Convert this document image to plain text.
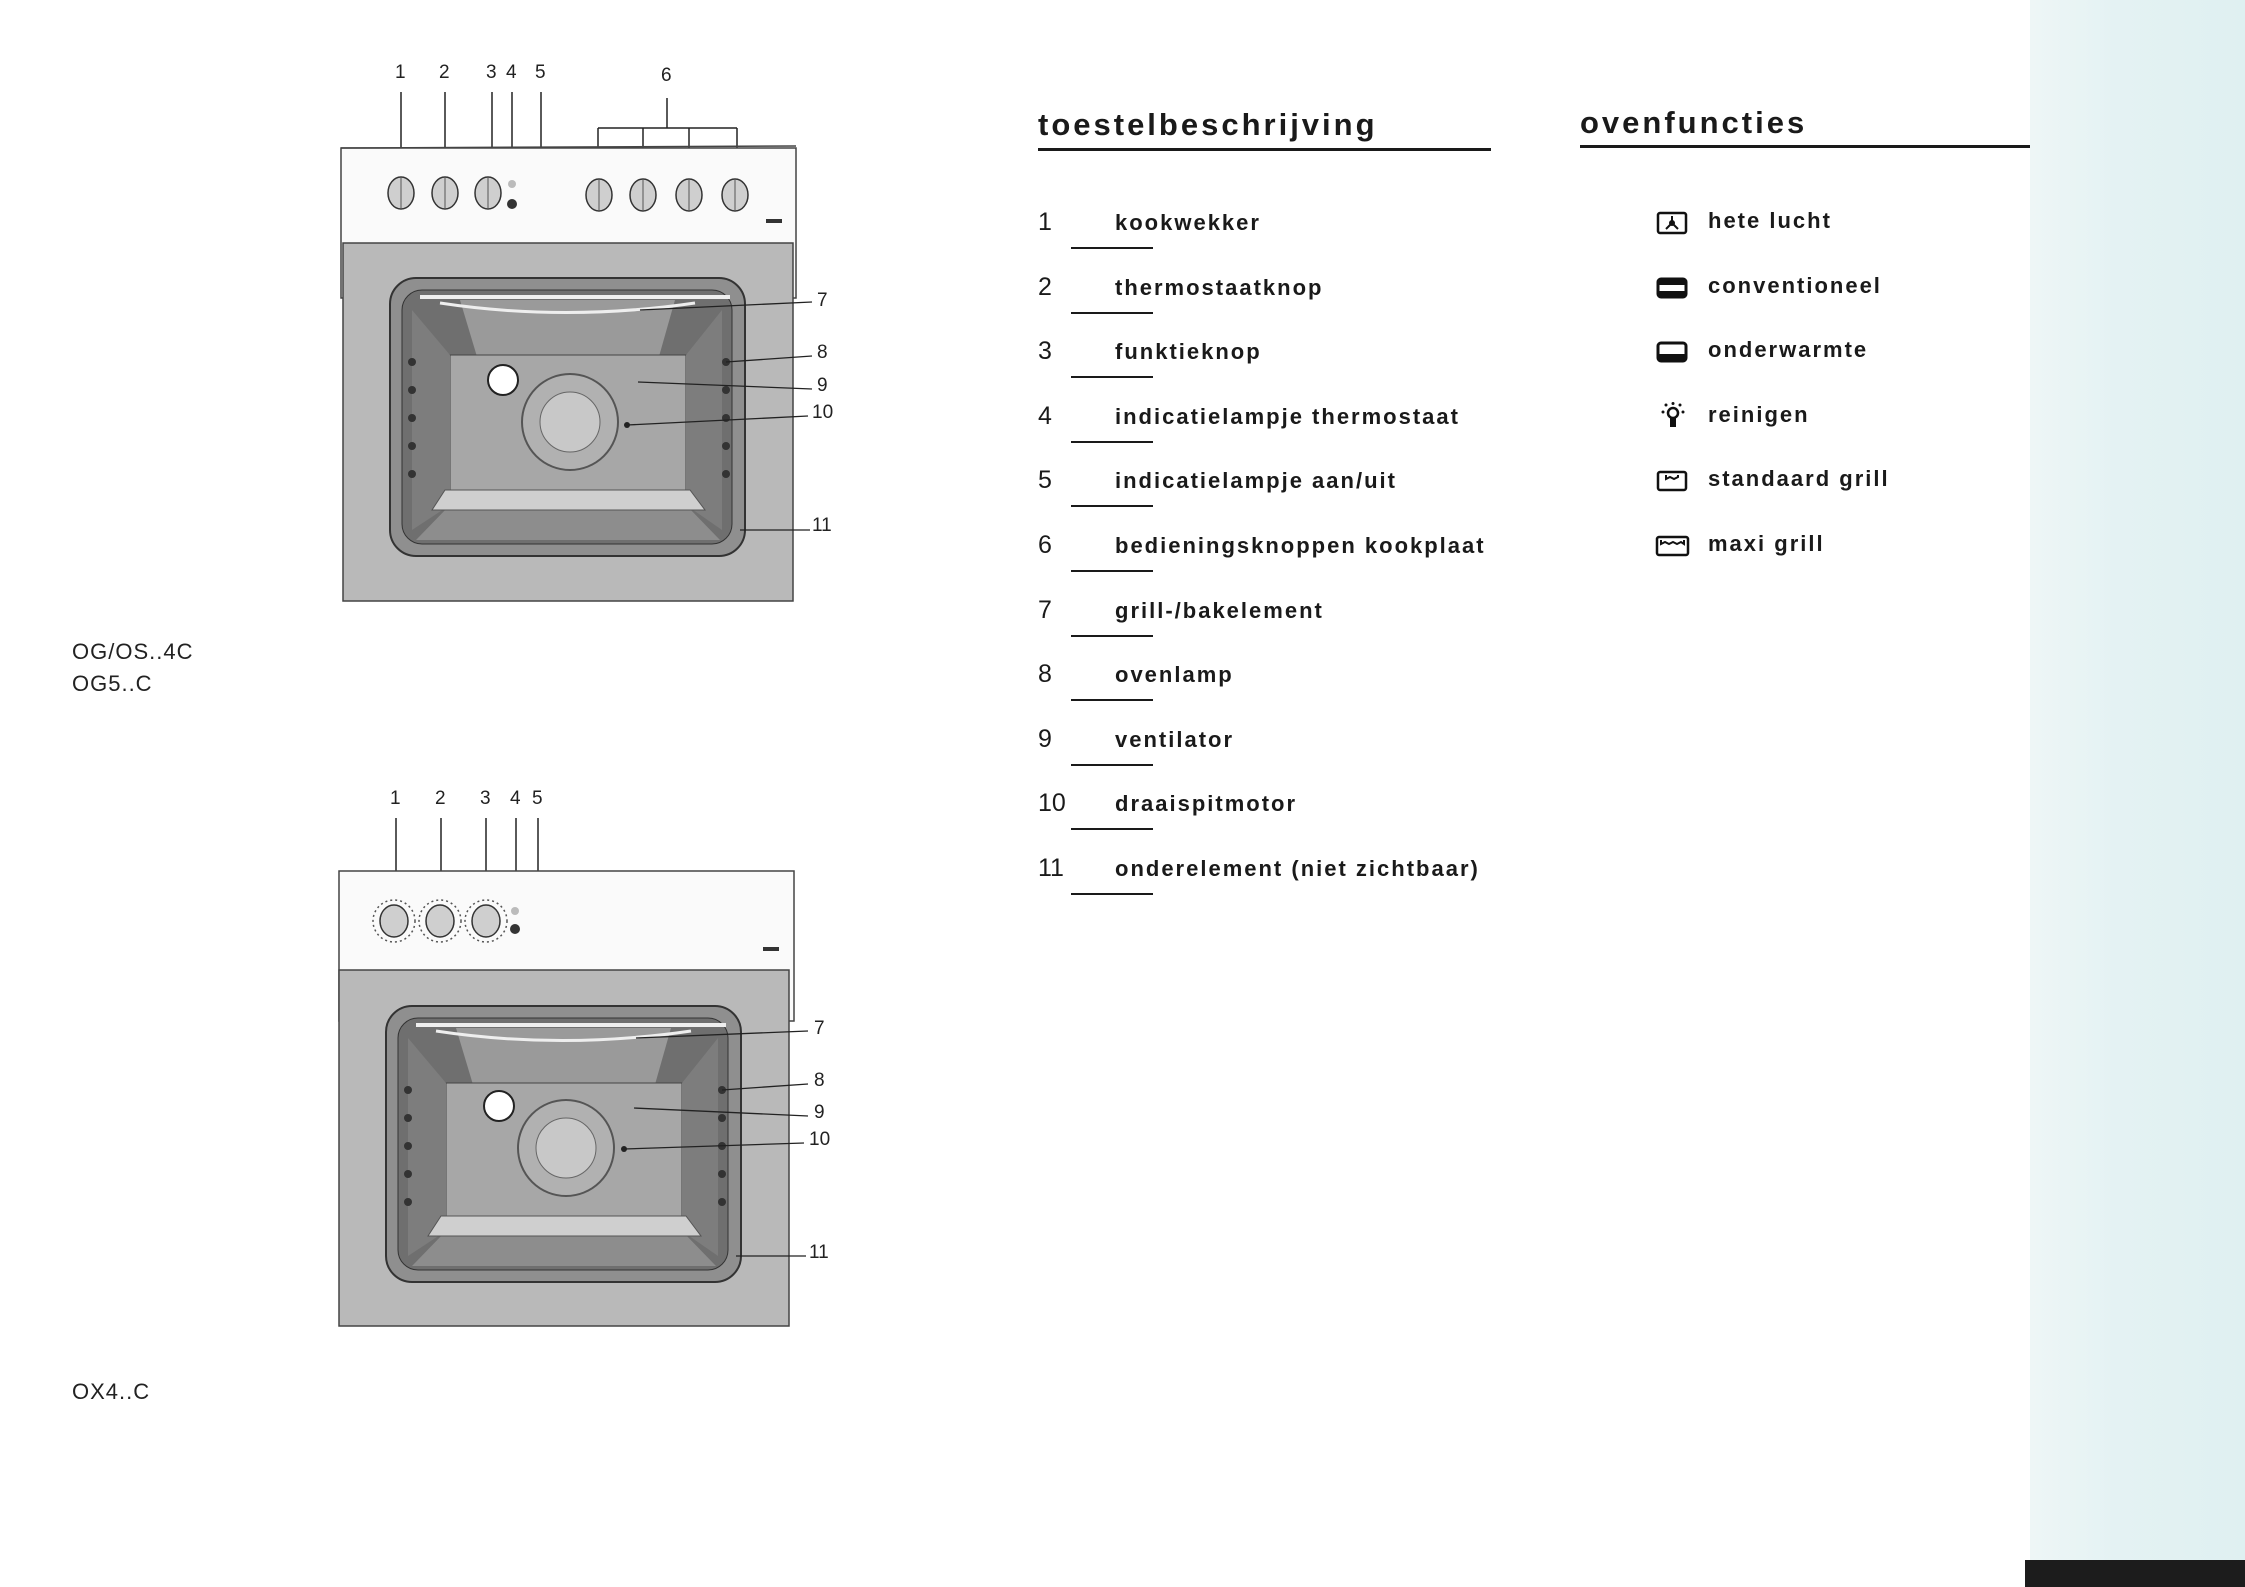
1 2 3 4 5	6
7
8
9
10
11
OG/OS..4C
OG5..C
1 2 3 4 5
7
8
9
10
11
OX4..C
toestelbeschrijving
1	kookwekker
2	thermostaatknop
3	funktieknop
4	indicatielampje thermostaat
5	indicatielampje aan/uit
6	bedieningsknoppen kookplaat
7	grill-/bakelement
8	ovenlamp
9	ventilator
10 draaispitmotor
11 onderelement (niet zichtbaar)
ovenfuncties
hete lucht
conventioneel
onderwarmte
reinigen
standaard grill
maxi grill
